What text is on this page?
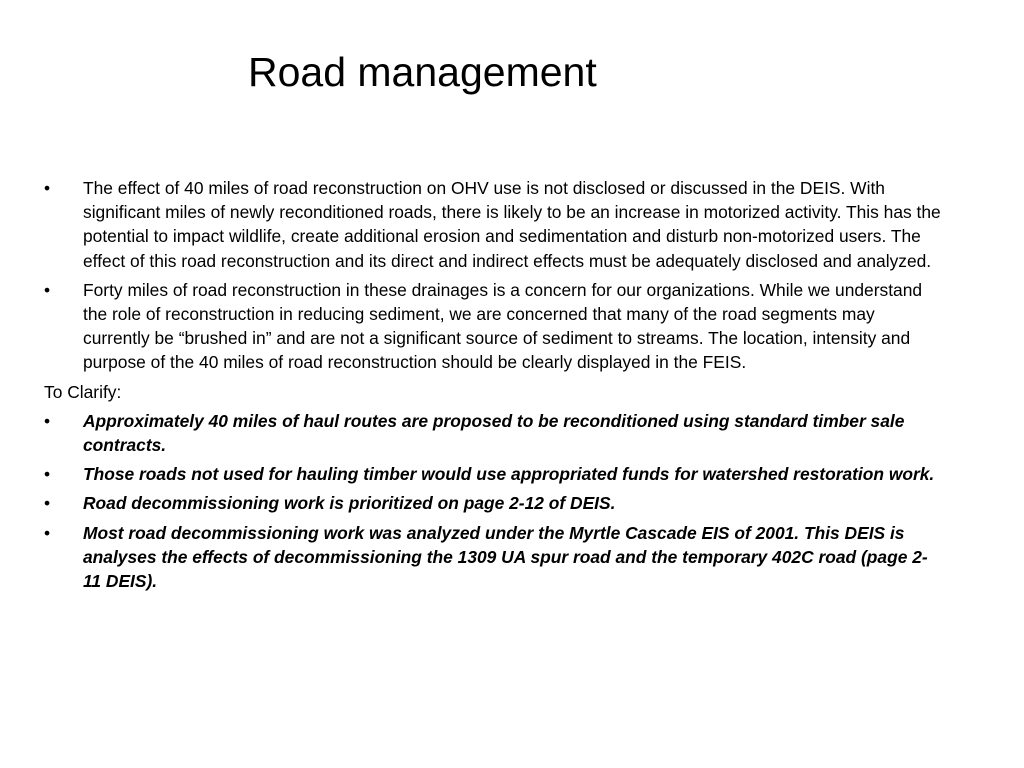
Road management
• The effect of 40 miles of road reconstruction on OHV use is not disclosed or discussed in the DEIS. With significant miles of newly reconditioned roads, there is likely to be an increase in motorized activity. This has the potential to impact wildlife, create additional erosion and sedimentation and disturb non-motorized users. The effect of this road reconstruction and its direct and indirect effects must be adequately disclosed and analyzed.
• Forty miles of road reconstruction in these drainages is a concern for our organizations. While we understand the role of reconstruction in reducing sediment, we are concerned that many of the road segments may currently be “brushed in” and are not a significant source of sediment to streams. The location, intensity and purpose of the 40 miles of road reconstruction should be clearly displayed in the FEIS.
To Clarify:
• Approximately 40 miles of haul routes are proposed to be reconditioned using standard timber sale contracts.
• Those roads not used for hauling timber would use appropriated funds for watershed restoration work.
• Road decommissioning work is prioritized on page 2-12 of DEIS.
• Most road decommissioning work was analyzed under the Myrtle Cascade EIS of 2001. This DEIS is analyses the effects of decommissioning the 1309 UA spur road and the temporary 402C road (page 2-11 DEIS).
